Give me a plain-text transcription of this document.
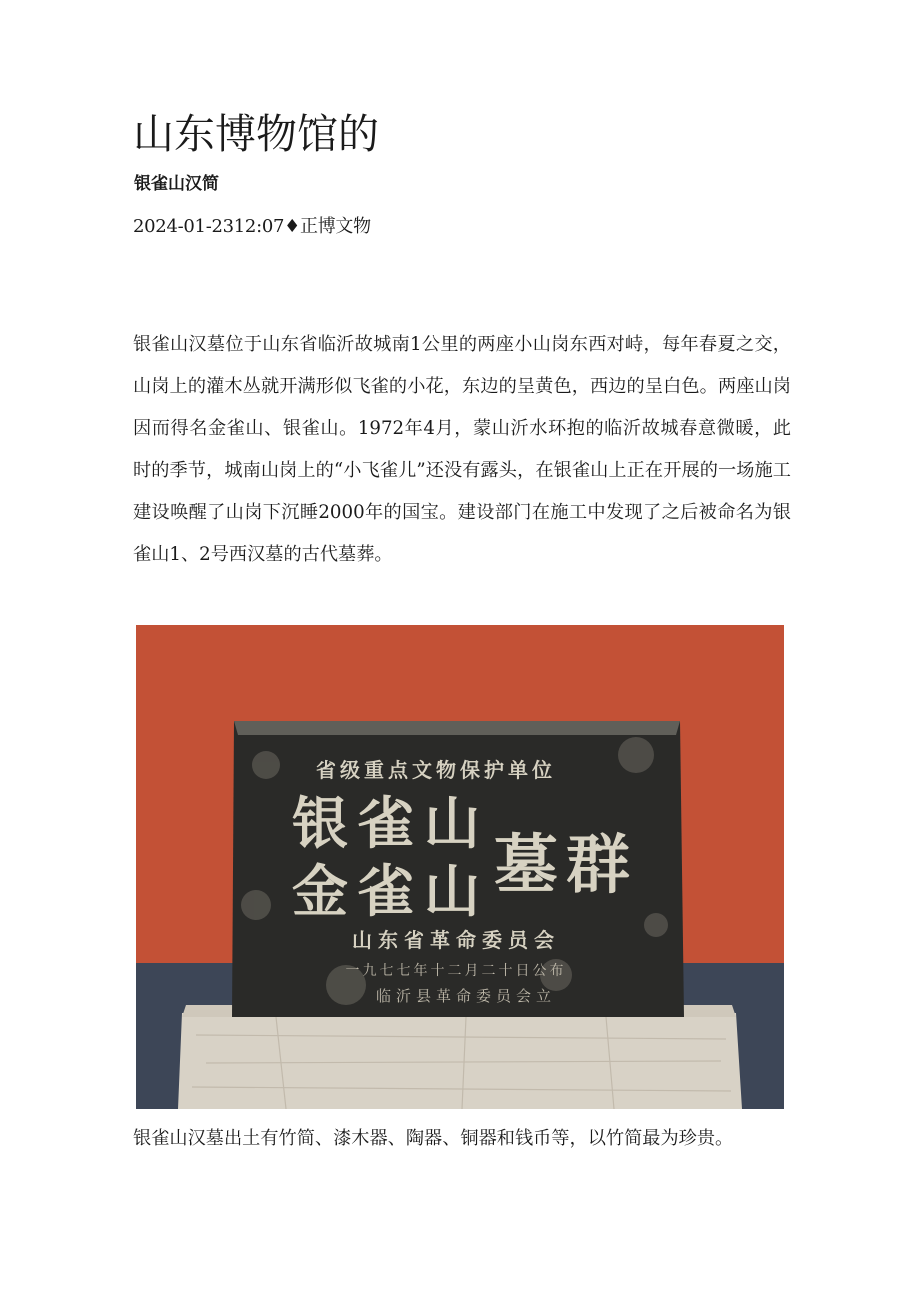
山东博物馆的
银雀山汉简
2024-01-2312:07♦正博文物

银雀山汉墓位于山东省临沂故城南1公里的两座小山岗东西对峙，每年春夏之交，山岗上的灌木丛就开满形似飞雀的小花，东边的呈黄色，西边的呈白色。两座山岗因而得名金雀山、银雀山。1972年4月，蒙山沂水环抱的临沂故城春意微暖，此时的季节，城南山岗上的“小飞雀儿”还没有露头，在银雀山上正在开展的一场施工建设唤醒了山岗下沉睡2000年的国宝。建设部门在施工中发现了之后被命名为银雀山1、2号西汉墓的古代墓葬。

省级重点文物保护单位
银雀山
金雀山 墓群
山东省革命委员会
一九七七年十二月二十日公布
临沂县革命委员会立

银雀山汉墓出土有竹简、漆木器、陶器、铜器和钱币等，以竹简最为珍贵。
